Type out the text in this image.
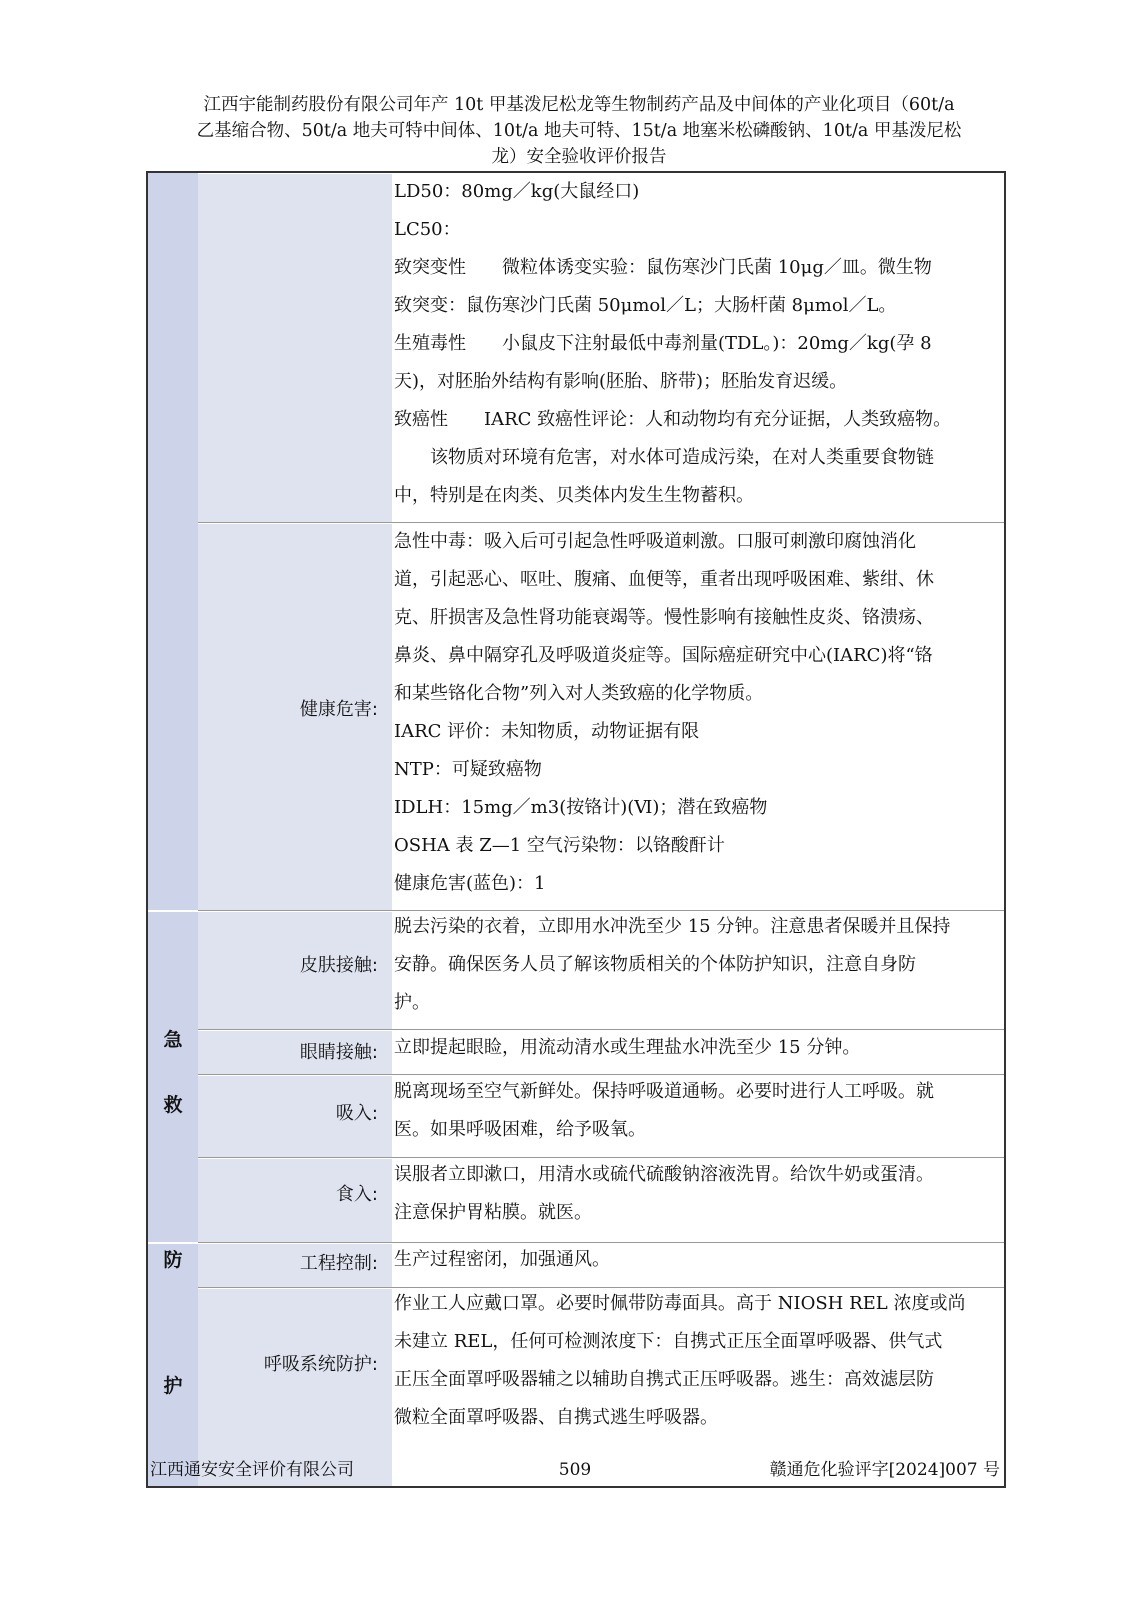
江西宇能制药股份有限公司年产 10t 甲基泼尼松龙等生物制药产品及中间体的产业化项目（60t/a
乙基缩合物、50t/a 地夫可特中间体、10t/a 地夫可特、15t/a 地塞米松磷酸钠、10t/a 甲基泼尼松
龙）安全验收评价报告

LD50：80mg／kg(大鼠经口)

LC50：

致突变性　　微粒体诱变实验：鼠伤寒沙门氏菌 10μg／皿。微生物

致突变：鼠伤寒沙门氏菌 50μmol／L；大肠杆菌 8μmol／L。

生殖毒性　　小鼠皮下注射最低中毒剂量(TDL。)：20mg／kg(孕 8

天)，对胚胎外结构有影响(胚胎、脐带)；胚胎发育迟缓。

致癌性　　IARC 致癌性评论：人和动物均有充分证据，人类致癌物。

该物质对环境有危害，对水体可造成污染，在对人类重要食物链

中，特别是在肉类、贝类体内发生生物蓄积。

健康危害:

急性中毒：吸入后可引起急性呼吸道刺激。口服可刺激印腐蚀消化

道，引起恶心、呕吐、腹痛、血便等，重者出现呼吸困难、紫绀、休

克、肝损害及急性肾功能衰竭等。慢性影响有接触性皮炎、铬溃疡、

鼻炎、鼻中隔穿孔及呼吸道炎症等。国际癌症研究中心(IARC)将“铬

和某些铬化合物”列入对人类致癌的化学物质。

IARC 评价：未知物质，动物证据有限

NTP：可疑致癌物

IDLH：15mg／m3(按铬计)(Ⅵ)；潜在致癌物

OSHA 表 Z—1 空气污染物：以铬酸酐计

健康危害(蓝色)：1

急
救
皮肤接触:

脱去污染的衣着，立即用水冲洗至少 15 分钟。注意患者保暖并且保持

安静。确保医务人员了解该物质相关的个体防护知识，注意自身防

护。

眼睛接触: 立即提起眼睑，用流动清水或生理盐水冲洗至少 15 分钟。

吸入:

脱离现场至空气新鲜处。保持呼吸道通畅。必要时进行人工呼吸。就

医。如果呼吸困难，给予吸氧。

食入:

误服者立即漱口，用清水或硫代硫酸钠溶液洗胃。给饮牛奶或蛋清。

注意保护胃粘膜。就医。

防
护
工程控制: 生产过程密闭，加强通风。

呼吸系统防护:

作业工人应戴口罩。必要时佩带防毒面具。高于 NIOSH REL 浓度或尚

未建立 REL，任何可检测浓度下：自携式正压全面罩呼吸器、供气式

正压全面罩呼吸器辅之以辅助自携式正压呼吸器。逃生：高效滤层防

微粒全面罩呼吸器、自携式逃生呼吸器。

江西通安安全评价有限公司	509	赣通危化验评字[2024]007 号
